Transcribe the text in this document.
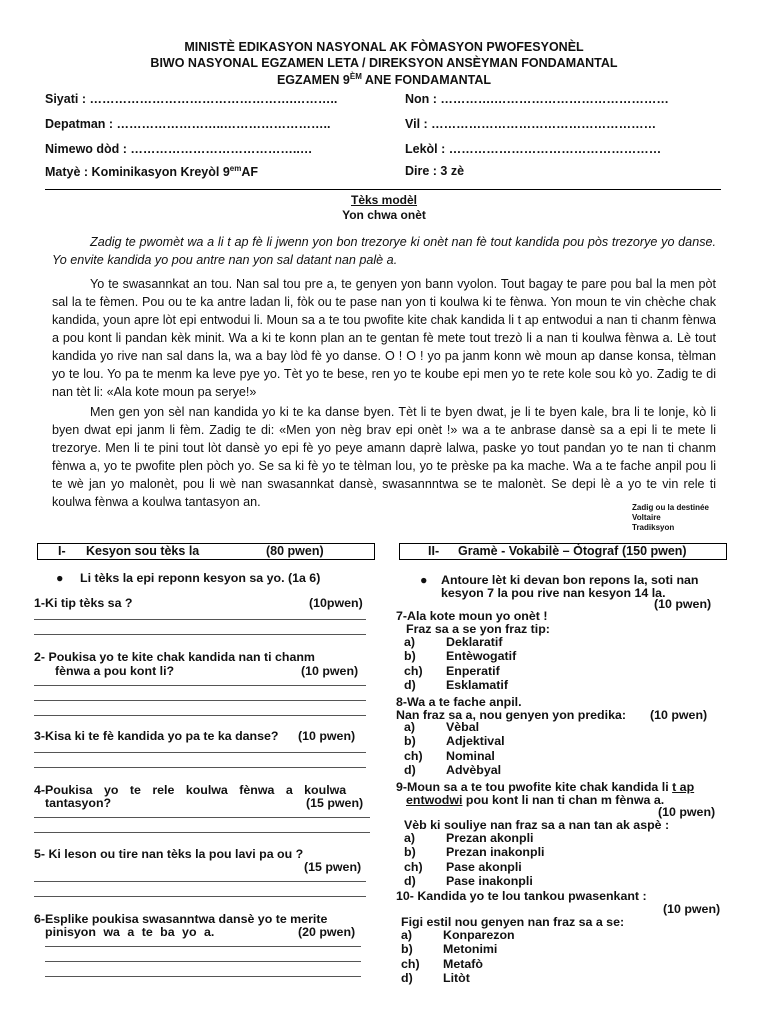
MINISTÈ EDIKASYON NASYONAL AK FÒMASYON PWOFESYONÈL
BIWO NASYONAL EGZAMEN LETA / DIREKSYON ANSÈYMAN FONDAMANTAL
EGZAMEN $9^{ÈM}$ ANE FONDAMANTAL
Siyati : ………………………………………….………..	Non : ………….……………………………………
Depatman : ……………………..……………………..	Vil : ………………………………………………
Nimewo dòd : …………………………………..…	Lekòl : ……………………………………………
Matyè : Kominikasyon Kreyòl $9^{em}AF$	Dire : 3 zè
Tèks modèl
Yon chwa onèt
Zadig te pwomèt wa a li t ap fè li jwenn yon bon trezorye ki onèt nan fè tout kandida pou pòs trezorye yo danse. Yo envite kandida yo pou antre nan yon sal datant nan palè a.
Yo te swasannkat an tou. Nan sal tou pre a, te genyen yon bann vyolon. Tout bagay te pare pou bal la men pòt sal la te fèmen. Pou ou te ka antre ladan li, fòk ou te pase nan yon ti koulwa ki te fènwa. Yon moun te vin chèche chak kandida, youn apre lòt epi entwodui li. Moun sa a te tou pwofite kite chak kandida li t ap entwodui a nan ti chanm fènwa a pou kont li pandan kèk minit. Wa a ki te konn plan an te gentan fè mete tout trezò li a nan ti koulwa fènwa a. Lè tout kandida yo rive nan sal dans la, wa a bay lòd fè yo danse. O ! O ! yo pa janm konn wè moun ap danse konsa, tèlman yo te lou. Yo pa te menm ka leve pye yo. Tèt yo te bese, ren yo te koube epi men yo te rete kole sou kò yo. Zadig te di nan tèt li: «Ala kote moun pa serye!»
Men gen yon sèl nan kandida yo ki te ka danse byen. Tèt li te byen dwat, je li te byen kale, bra li te lonje, kò li byen dwat epi janm li fèm. Zadig te di: «Men yon nèg brav epi onèt !» wa a te anbrase dansè sa a epi li te mete li trezorye. Men li te pini tout lòt dansè yo epi fè yo peye amann daprè lalwa, paske yo tout pandan yo te nan ti chanm fènwa a, yo te pwofite plen pòch yo. Se sa ki fè yo te tèlman lou, yo te prèske pa ka mache. Wa a te fache anpil pou li te wè jan yo malonèt, pou li wè nan swasannkat dansè, swasannntwa se te malonèt. Se depi lè a yo te vin rele ti koulwa fènwa a koulwa tantasyon an.	Zadig ou la destinée
Voltaire
Tradiksyon
I- Kesyon sou tèks la	(80 pwen)	II- Gramè - Vokabilè – Òtograf (150 pwen)
● Li tèks la epi reponn kesyon sa yo. (1a 6)
1-Ki tip tèks sa ?	(10pwen)
2- Poukisa yo te kite chak kandida nan ti chanm
fènwa a pou kont li?	(10 pwen)
3-Kisa ki te fè kandida yo pa te ka danse? (10 pwen)
4-Poukisa yo te rele koulwa fènwa a koulwa
tantasyon?	(15 pwen)
5- Ki leson ou tire nan tèks la pou lavi pa ou ?
(15 pwen)
6-Esplike poukisa swasanntwa dansè yo te merite
pinisyon wa a te ba yo a.	(20 pwen)
● Antoure lèt ki devan bon repons la, soti nan
kesyon 7 la pou rive nan kesyon 14 la.
(10 pwen)
7-Ala kote moun yo onèt !
Fraz sa a se yon fraz tip:
a) Deklaratif
b) Entèwogatif
ch) Enperatif
d) Esklamatif
8-Wa a te fache anpil.
Nan fraz sa a, nou genyen yon predika: (10 pwen)
a) Vèbal
b) Adjektival
ch) Nominal
d) Advèbyal
9-Moun sa a te tou pwofite kite chak kandida li t ap
entwodwi pou kont li nan ti chan m fènwa a.
(10 pwen)
Vèb ki souliye nan fraz sa a nan tan ak aspè :
a) Prezan akonpli
b) Prezan inakonpli
ch) Pase akonpli
d) Pase inakonpli
10- Kandida yo te lou tankou pwasenkant :
(10 pwen)
Figi estil nou genyen nan fraz sa a se:
a) Konparezon
b) Metonimi
ch) Metafò
d) Litòt
